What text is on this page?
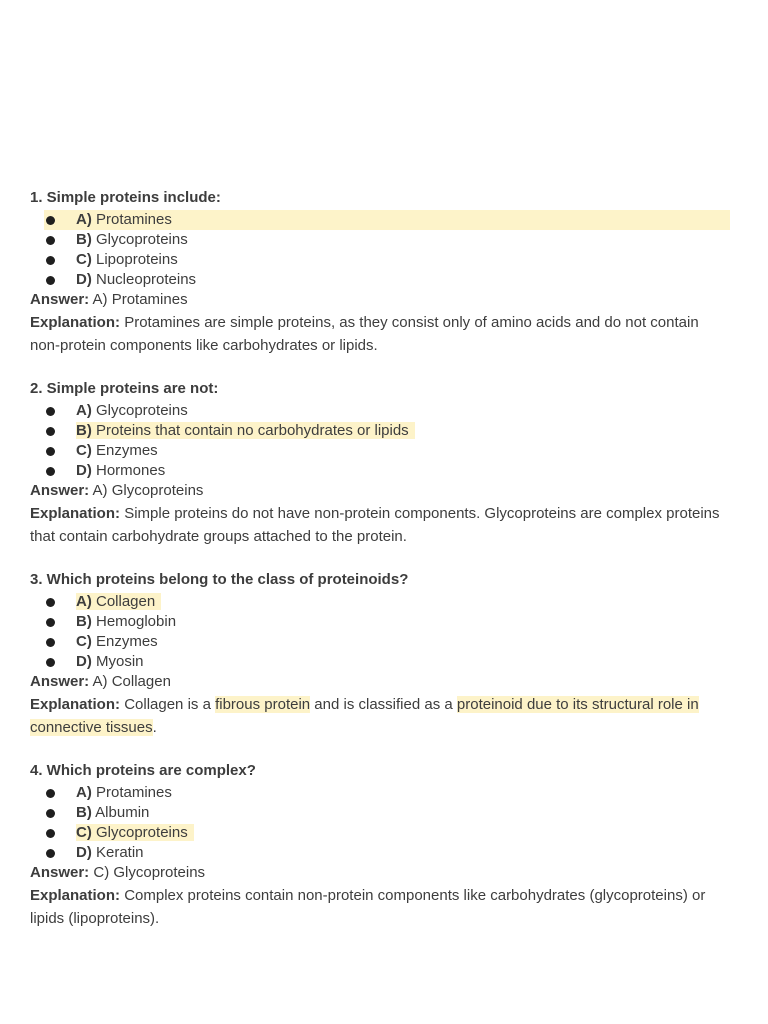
1. Simple proteins include:
A) Protamines
B) Glycoproteins
C) Lipoproteins
D) Nucleoproteins
Answer: A) Protamines
Explanation: Protamines are simple proteins, as they consist only of amino acids and do not contain non-protein components like carbohydrates or lipids.
2. Simple proteins are not:
A) Glycoproteins
B) Proteins that contain no carbohydrates or lipids
C) Enzymes
D) Hormones
Answer: A) Glycoproteins
Explanation: Simple proteins do not have non-protein components. Glycoproteins are complex proteins that contain carbohydrate groups attached to the protein.
3. Which proteins belong to the class of proteinoids?
A) Collagen
B) Hemoglobin
C) Enzymes
D) Myosin
Answer: A) Collagen
Explanation: Collagen is a fibrous protein and is classified as a proteinoid due to its structural role in connective tissues.
4. Which proteins are complex?
A) Protamines
B) Albumin
C) Glycoproteins
D) Keratin
Answer: C) Glycoproteins
Explanation: Complex proteins contain non-protein components like carbohydrates (glycoproteins) or lipids (lipoproteins).
